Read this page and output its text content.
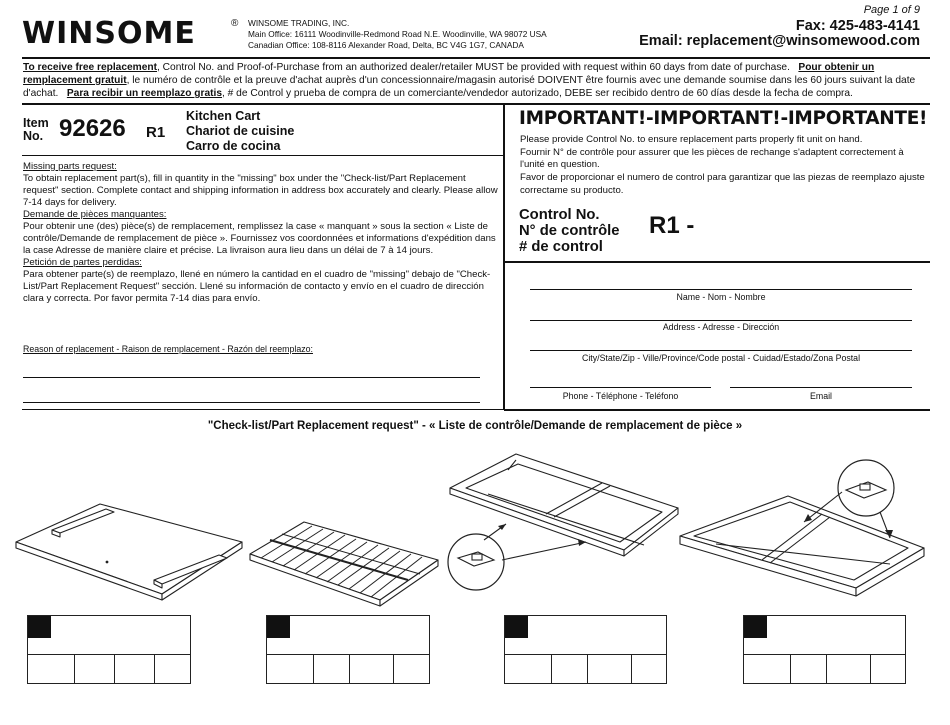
WINSOME	® WINSOME TRADING, INC.
Main Office: 16111 Woodinville-Redmond Road N.E. Woodinville, WA 98072 USA
Canadian Office: 108-8116 Alexander Road, Delta, BC V4G 1G7, CANADA
Page 1 of 9
Fax: 425-483-4141
Email: replacement@winsomewood.com
To receive free replacement, Control No. and Proof-of-Purchase from an authorized dealer/retailer MUST be provided with request within 60 days from date of purchase. Pour obtenir un remplacement gratuit, le numéro de contrôle et la preuve d'achat auprès d'un concessionnaire/magasin autorisé DOIVENT être fournis avec une demande soumise dans les 60 jours suivant la date d'achat. Para recibir un reemplazo gratis, # de Control y prueba de compra de un comerciante/vendedor autorizado, DEBE ser recibido dentro de 60 días desde la fecha de compra.
Item
No. 92626 R1
Kitchen Cart
Chariot de cuisine
Carro de cocina
Missing parts request:
To obtain replacement part(s), fill in quantity in the "missing" box under the "Check-list/Part Replacement request" section. Complete contact and shipping information in address box accurately and clearly. Please allow 7-14 days for delivery.
Demande de pièces manquantes:
Pour obtenir une (des) pièce(s) de remplacement, remplissez la case « manquant » sous la section « Liste de contrôle/Demande de remplacement de pièce ». Fournissez vos coordonnées et informations d'expédition dans la case Adresse de manière claire et précise. La livraison aura lieu dans un délai de 7 à 14 jours.
Petición de partes perdidas:
Para obtener parte(s) de reemplazo, llené en número la cantidad en el cuadro de "missing" debajo de "Check-List/Part Replacement Request" sección. Llené su información de contacto y envío en el cuadro de dirección clara y correcta. Por favor permita 7-14 dias para envío.
Reason of replacement - Raison de remplacement - Razón del reemplazo:
IMPORTANT!-IMPORTANT!-IMPORTANTE!
Please provide Control No. to ensure replacement parts properly fit unit on hand.
Fournir N° de contrôle pour assurer que les pièces de rechange s'adaptent correctement à l'unité en question.
Favor de proporcionar el numero de control para garantizar que las piezas de reemplazo ajuste correctame su producto.
Control No.
N° de contrôle
# de control
R1 -
Name - Nom - Nombre
Address - Adresse - Dirección
City/State/Zip - Ville/Province/Code postal - Cuidad/Estado/Zona Postal
Phone - Téléphone - Teléfono	Email
"Check-list/Part Replacement request" - « Liste de contrôle/Demande de remplacement de pièce »
